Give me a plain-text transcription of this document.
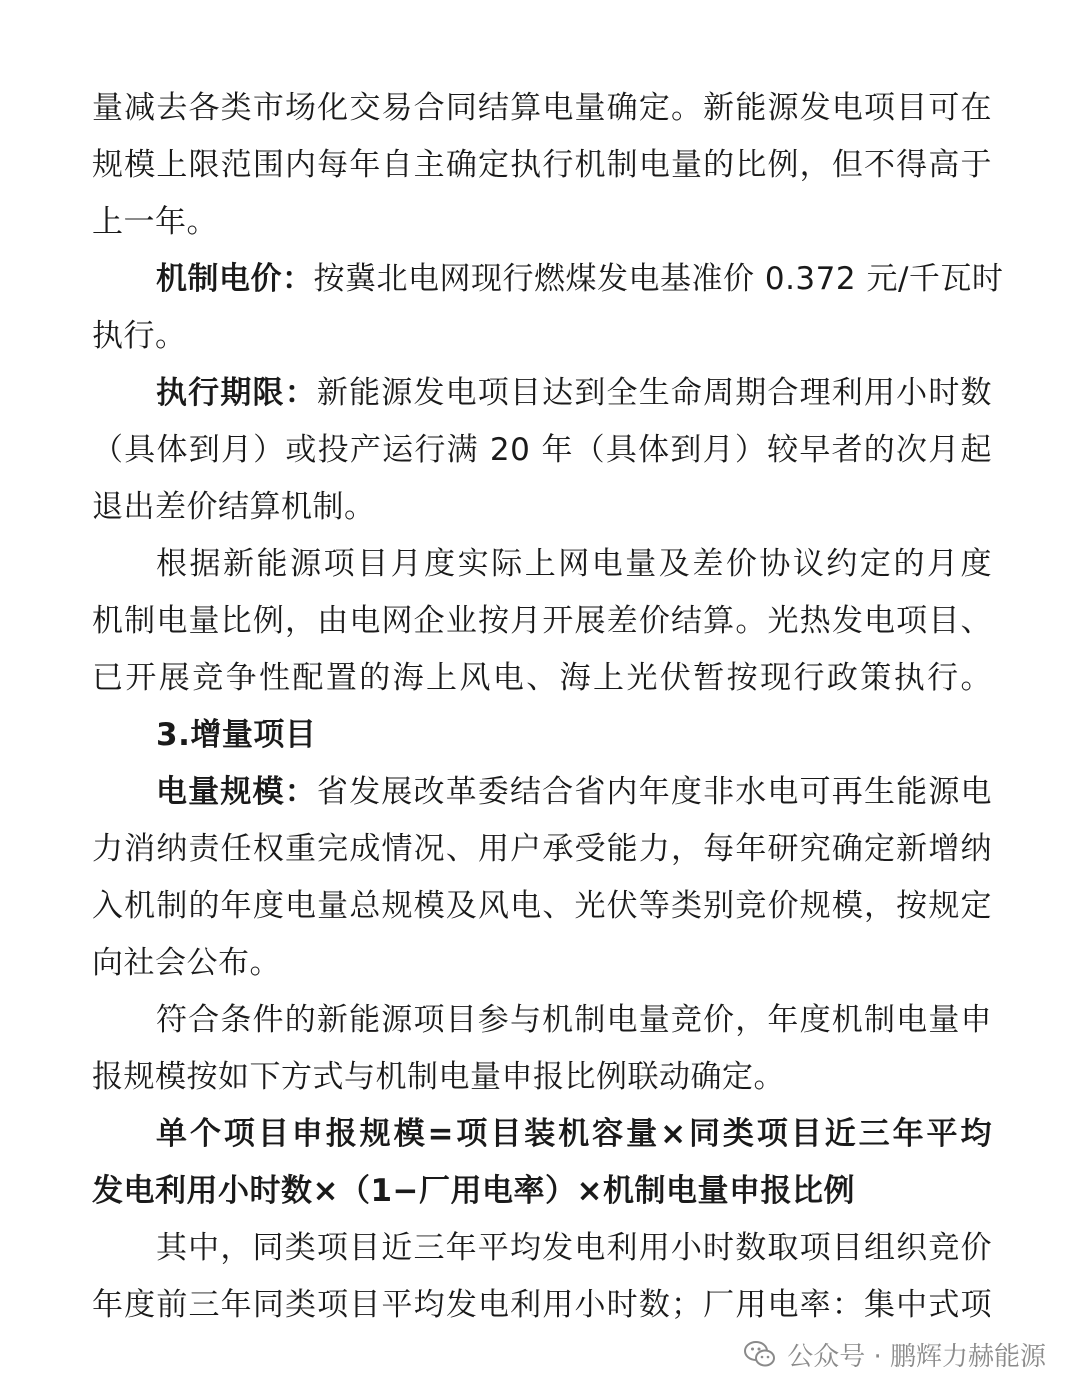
量减去各类市场化交易合同结算电量确定。新能源发电项目可在
规模上限范围内每年自主确定执行机制电量的比例，但不得高于
上一年。
机制电价：按冀北电网现行燃煤发电基准价 0.372 元/千瓦时
执行。
执行期限：新能源发电项目达到全生命周期合理利用小时数
（具体到月）或投产运行满 20 年（具体到月）较早者的次月起
退出差价结算机制。
根据新能源项目月度实际上网电量及差价协议约定的月度
机制电量比例，由电网企业按月开展差价结算。光热发电项目、
已开展竞争性配置的海上风电、海上光伏暂按现行政策执行。
3.增量项目
电量规模：省发展改革委结合省内年度非水电可再生能源电
力消纳责任权重完成情况、用户承受能力，每年研究确定新增纳
入机制的年度电量总规模及风电、光伏等类别竞价规模，按规定
向社会公布。
符合条件的新能源项目参与机制电量竞价，年度机制电量申
报规模按如下方式与机制电量申报比例联动确定。
单个项目申报规模=项目装机容量×同类项目近三年平均
发电利用小时数×（1−厂用电率）×机制电量申报比例
其中，同类项目近三年平均发电利用小时数取项目组织竞价
年度前三年同类项目平均发电利用小时数；厂用电率：集中式项
公众号 · 鹏辉力赫能源
